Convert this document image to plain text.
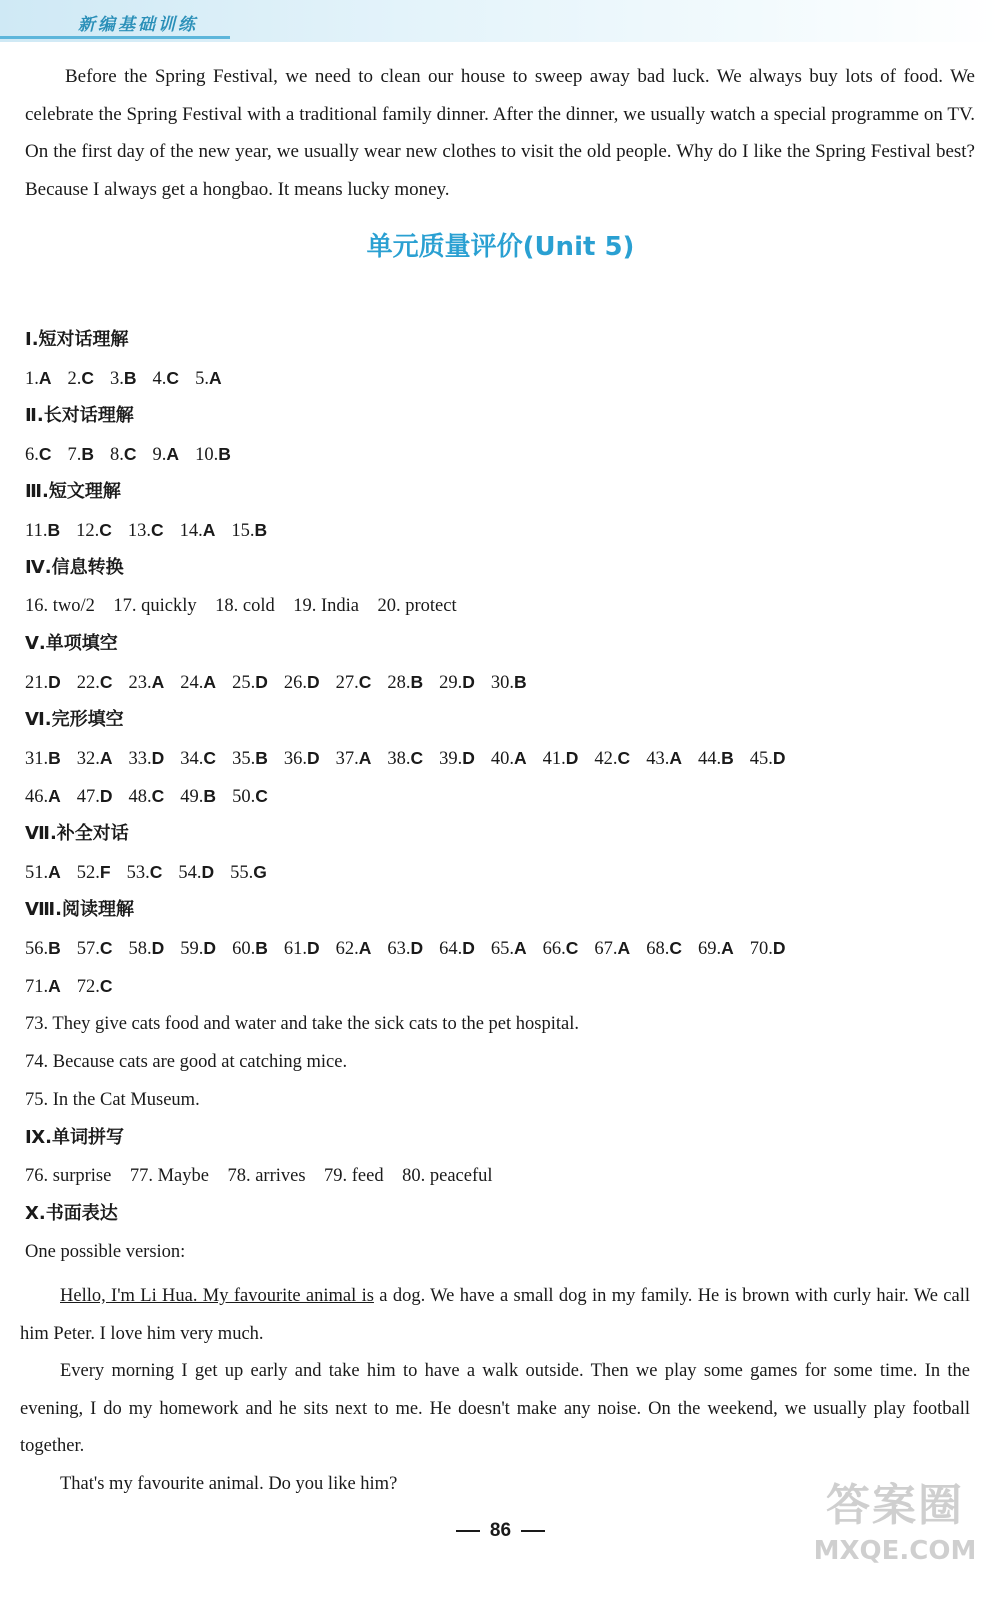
新编基础训练

Before the Spring Festival, we need to clean our house to sweep away bad luck. We always buy lots of food. We celebrate the Spring Festival with a traditional family dinner. After the dinner, we usually watch a special programme on TV. On the first day of the new year, we usually wear new clothes to visit the old people. Why do I like the Spring Festival best? Because I always get a hongbao. It means lucky money.

单元质量评价(Unit 5)
Ⅰ.短对话理解
1.A 2.C 3.B 4.C 5.A
Ⅱ.长对话理解
6.C 7.B 8.C 9.A 10.B
Ⅲ.短文理解
11.B 12.C 13.C 14.A 15.B
Ⅳ.信息转换
16. two/2    17. quickly    18. cold    19. India    20. protect
Ⅴ.单项填空
21.D 22.C 23.A 24.A 25.D 26.D 27.C 28.B 29.D 30.B
Ⅵ.完形填空
31.B 32.A 33.D 34.C 35.B 36.D 37.A 38.C 39.D 40.A 41.D 42.C 43.A 44.B 45.D
46.A 47.D 48.C 49.B 50.C
Ⅶ.补全对话
51.A 52.F 53.C 54.D 55.G
Ⅷ.阅读理解
56.B 57.C 58.D 59.D 60.B 61.D 62.A 63.D 64.D 65.A 66.C 67.A 68.C 69.A 70.D
71.A 72.C
73. They give cats food and water and take the sick cats to the pet hospital.
74. Because cats are good at catching mice.
75. In the Cat Museum.
Ⅸ.单词拼写
76. surprise    77. Maybe    78. arrives    79. feed    80. peaceful
Ⅹ.书面表达
One possible version:
Hello, I'm Li Hua. My favourite animal is a dog. We have a small dog in my family. He is brown with curly hair. We call him Peter. I love him very much.
Every morning I get up early and take him to have a walk outside. Then we play some games for some time. In the evening, I do my homework and he sits next to me. He doesn't make any noise. On the weekend, we usually play football together.
That's my favourite animal. Do you like him?
86	答案圈
MXQE.COM
